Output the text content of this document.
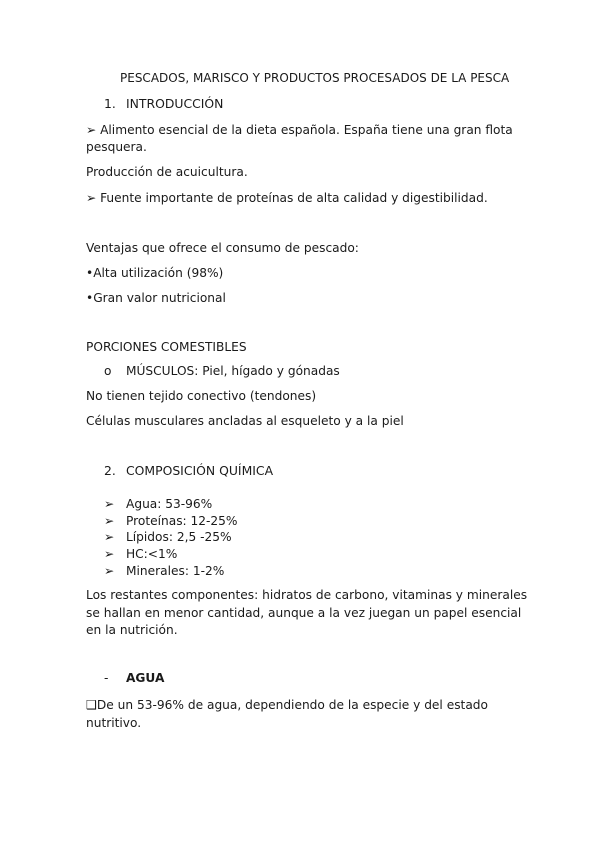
PESCADOS, MARISCO Y PRODUCTOS PROCESADOS DE LA PESCA
1. INTRODUCCIÓN
➢ Alimento esencial de la dieta española. España tiene una gran flota
pesquera.
Producción de acuicultura.
➢ Fuente importante de proteínas de alta calidad y digestibilidad.
Ventajas que ofrece el consumo de pescado:
•Alta utilización (98%)
•Gran valor nutricional
PORCIONES COMESTIBLES
o MÚSCULOS: Piel, hígado y gónadas
No tienen tejido conectivo (tendones)
Células musculares ancladas al esqueleto y a la piel
2. COMPOSICIÓN QUÍMICA
➢ Agua: 53-96%
➢ Proteínas: 12-25%
➢ Lípidos: 2,5 -25%
➢ HC:<1%
➢ Minerales: 1-2%
Los restantes componentes: hidratos de carbono, vitaminas y minerales
se hallan en menor cantidad, aunque a la vez juegan un papel esencial
en la nutrición.
- AGUA
❑De un 53-96% de agua, dependiendo de la especie y del estado
nutritivo.
